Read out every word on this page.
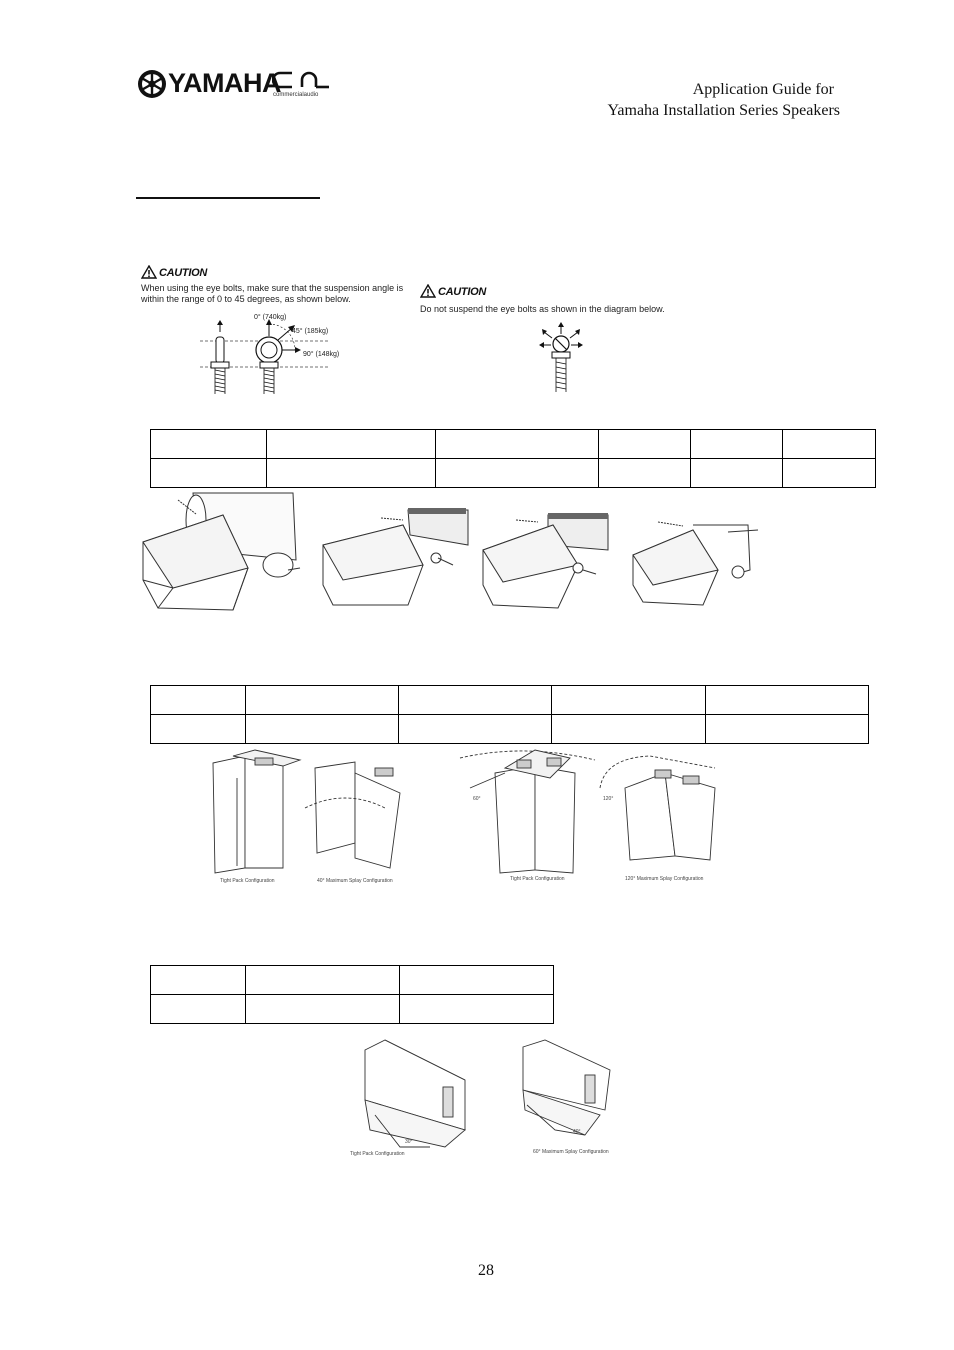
YAMAHA
commercialaudio	Application Guide for
Yamaha Installation Series Speakers
CAUTION
When using the eye bolts, make sure that the suspension angle is within the range of 0 to 45 degrees, as shown below.
0° (740kg)
45° (185kg)
90° (148kg)
CAUTION
Do not suspend the eye bolts as shown in the diagram below.

Tight Pack Configuration	40° Maximum Splay Configuration
60°
Tight Pack Configuration	120° Maximum Splay Configuration
120°

Tight Pack Configuration
30°
60° Maximum Splay Configuration
40°
28
